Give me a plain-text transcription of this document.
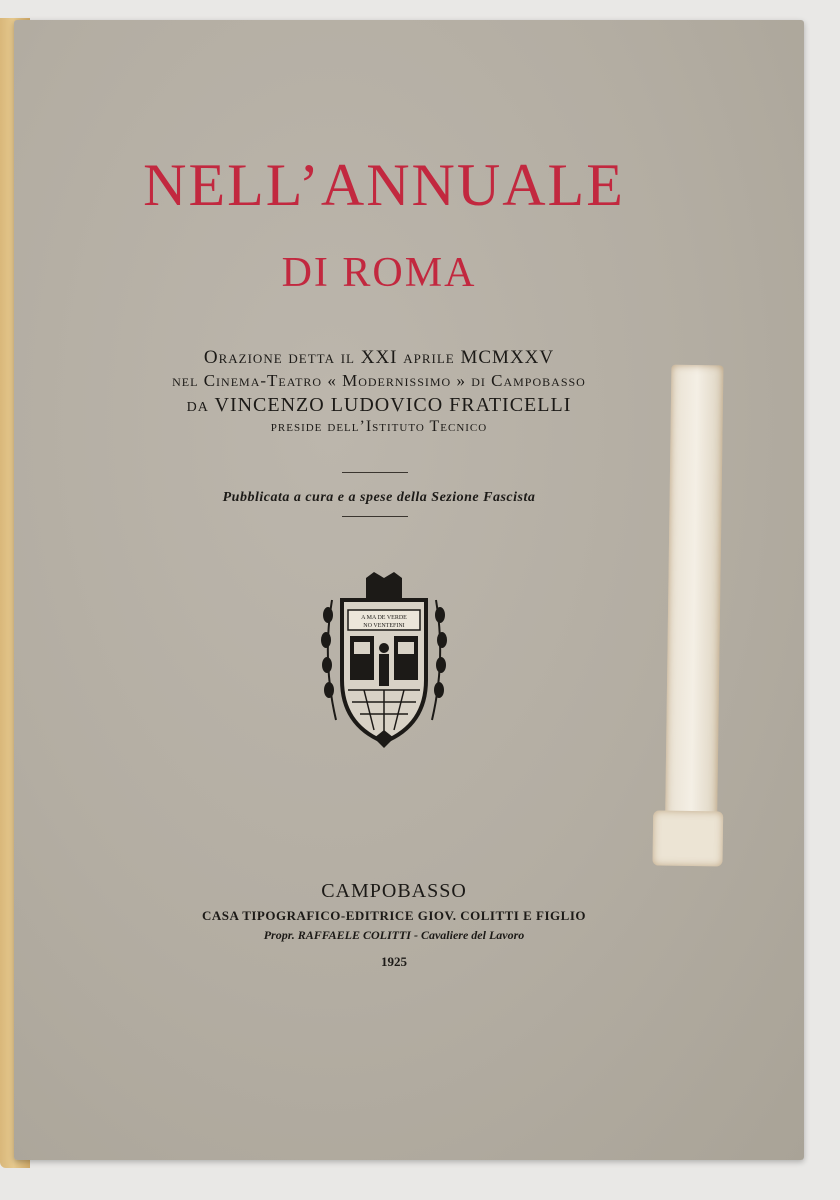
NELL’ANNUALE
DI ROMA
Orazione detta il XXI aprile MCMXXV
nel Cinema-Teatro « Modernissimo » di Campobasso
da VINCENZO LUDOVICO FRATICELLI
preside dell’Istituto Tecnico
Pubblicata a cura e a spese della Sezione Fascista
A MA DE VERDE
NO VENTEFINI
CAMPOBASSO
CASA TIPOGRAFICO-EDITRICE GIOV. COLITTI E FIGLIO
Propr. RAFFAELE COLITTI - Cavaliere del Lavoro
1925
